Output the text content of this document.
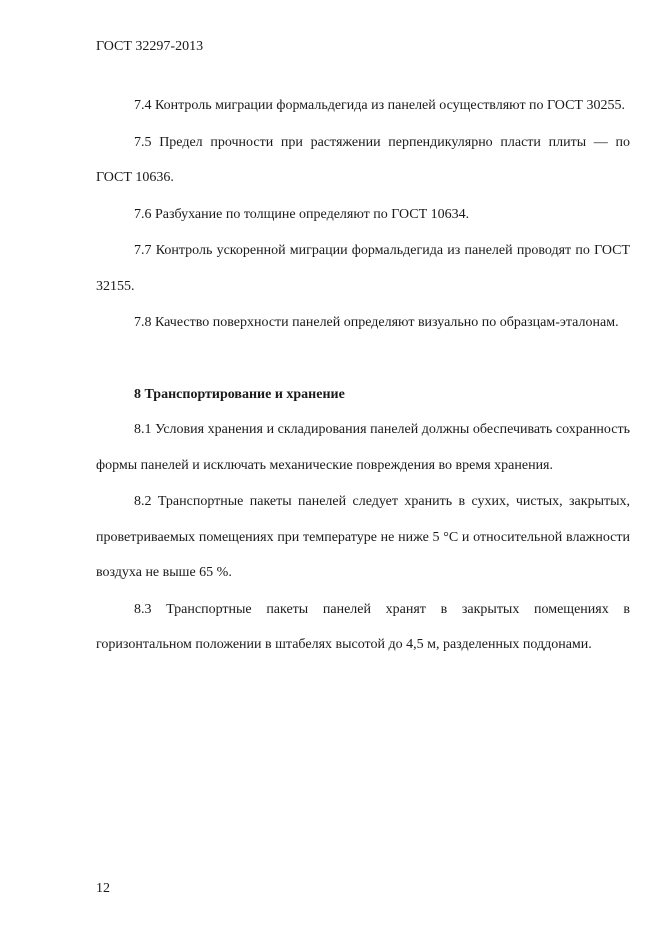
ГОСТ 32297-2013

7.4 Контроль миграции формальдегида из панелей осуществляют по ГОСТ 30255.

7.5 Предел прочности при растяжении перпендикулярно пласти плиты — по ГОСТ 10636.

7.6 Разбухание по толщине определяют по ГОСТ 10634.

7.7 Контроль ускоренной миграции формальдегида из панелей проводят по ГОСТ 32155.

7.8 Качество поверхности панелей определяют визуально по образцам-эталонам.

8 Транспортирование и хранение

8.1 Условия хранения и складирования панелей должны обеспечивать сохранность формы панелей и исключать механические повреждения во время хранения.

8.2 Транспортные пакеты панелей следует хранить в сухих, чистых, закрытых, проветриваемых помещениях при температуре не ниже 5 °С и относительной влажности воздуха не выше 65 %.

8.3 Транспортные пакеты панелей хранят в закрытых помещениях в горизонтальном положении в штабелях высотой до 4,5 м, разделенных поддонами.

12
